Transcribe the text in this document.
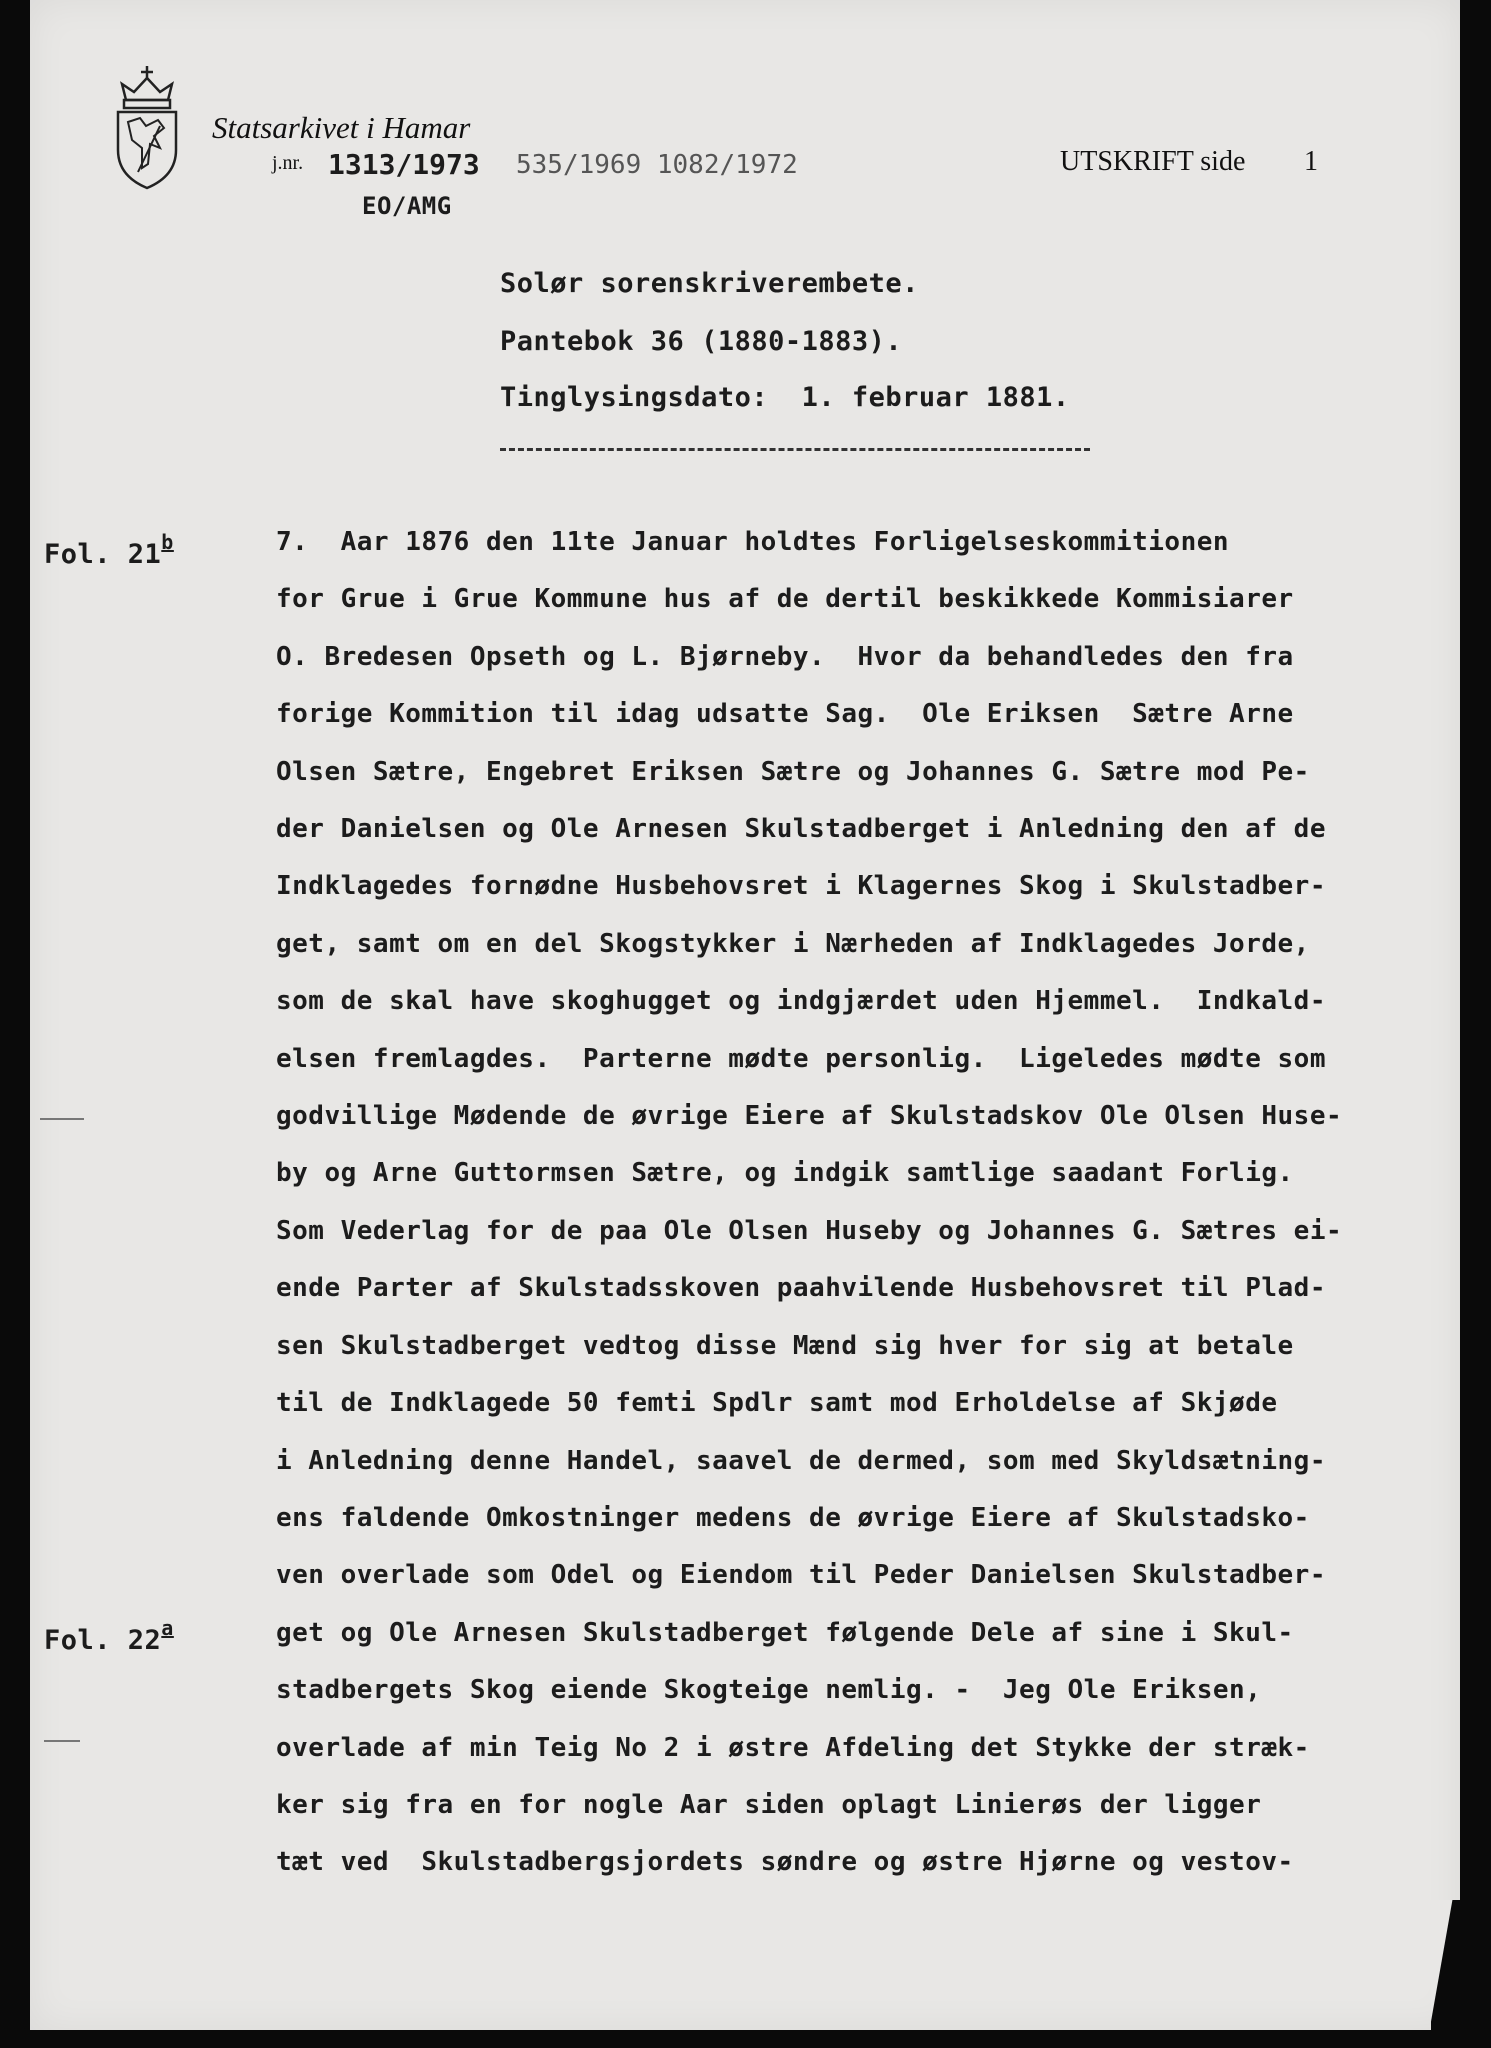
Statsarkivet i Hamar
j.nr. 1313/1973 535/1969 1082/1972
EO/AMG
UTSKRIFT side 1
Solør sorenskriverembete.
Pantebok 36 (1880-1883).
Tinglysingsdato:  1. februar 1881.
Fol. 21$^b$
Fol. 22$^a$
7.  Aar 1876 den 11te Januar holdtes Forligelseskommitionen
for Grue i Grue Kommune hus af de dertil beskikkede Kommisiarer
O. Bredesen Opseth og L. Bjørneby.  Hvor da behandledes den fra
forige Kommition til idag udsatte Sag.  Ole Eriksen  Sætre Arne
Olsen Sætre, Engebret Eriksen Sætre og Johannes G. Sætre mod Pe-
der Danielsen og Ole Arnesen Skulstadberget i Anledning den af de
Indklagedes fornødne Husbehovsret i Klagernes Skog i Skulstadber-
get, samt om en del Skogstykker i Nærheden af Indklagedes Jorde,
som de skal have skoghugget og indgjærdet uden Hjemmel.  Indkald-
elsen fremlagdes.  Parterne mødte personlig.  Ligeledes mødte som
godvillige Mødende de øvrige Eiere af Skulstadskov Ole Olsen Huse-
by og Arne Guttormsen Sætre, og indgik samtlige saadant Forlig.
Som Vederlag for de paa Ole Olsen Huseby og Johannes G. Sætres ei-
ende Parter af Skulstadsskoven paahvilende Husbehovsret til Plad-
sen Skulstadberget vedtog disse Mænd sig hver for sig at betale
til de Indklagede 50 femti Spdlr samt mod Erholdelse af Skjøde
i Anledning denne Handel, saavel de dermed, som med Skyldsætning-
ens faldende Omkostninger medens de øvrige Eiere af Skulstadsko-
ven overlade som Odel og Eiendom til Peder Danielsen Skulstadber-
get og Ole Arnesen Skulstadberget følgende Dele af sine i Skul-
stadbergets Skog eiende Skogteige nemlig. -  Jeg Ole Eriksen,
overlade af min Teig No 2 i østre Afdeling det Stykke der stræk-
ker sig fra en for nogle Aar siden oplagt Linierøs der ligger
tæt ved  Skulstadbergsjordets søndre og østre Hjørne og vestov-
